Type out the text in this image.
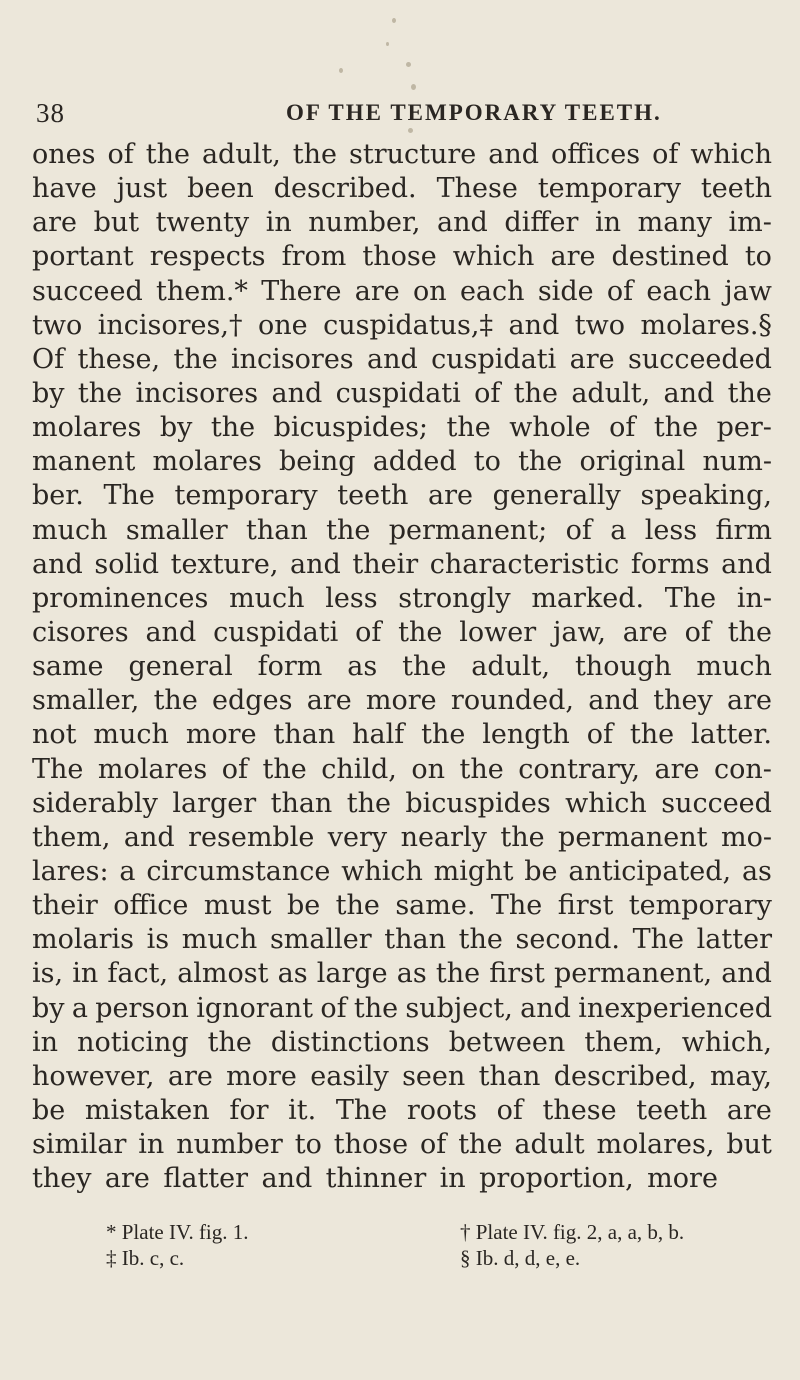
38	OF THE TEMPORARY TEETH.
ones of the adult, the structure and offices of which
have just been described. These temporary teeth
are but twenty in number, and differ in many im-
portant respects from those which are destined to
succeed them.* There are on each side of each jaw
two incisores,† one cuspidatus,‡ and two molares.§
Of these, the incisores and cuspidati are succeeded
by the incisores and cuspidati of the adult, and the
molares by the bicuspides; the whole of the per-
manent molares being added to the original num-
ber. The temporary teeth are generally speaking,
much smaller than the permanent; of a less firm
and solid texture, and their characteristic forms and
prominences much less strongly marked. The in-
cisores and cuspidati of the lower jaw, are of the
same general form as the adult, though much
smaller, the edges are more rounded, and they are
not much more than half the length of the latter.
The molares of the child, on the contrary, are con-
siderably larger than the bicuspides which succeed
them, and resemble very nearly the permanent mo-
lares: a circumstance which might be anticipated, as
their office must be the same. The first temporary
molaris is much smaller than the second. The latter
is, in fact, almost as large as the first permanent, and
by a person ignorant of the subject, and inexperienced
in noticing the distinctions between them, which,
however, are more easily seen than described, may,
be mistaken for it. The roots of these teeth are
similar in number to those of the adult molares, but
they are flatter and thinner in proportion, more
* Plate IV. fig. 1.	† Plate IV. fig. 2, a, a, b, b.
‡ Ib. c, c.	§ Ib. d, d, e, e.
